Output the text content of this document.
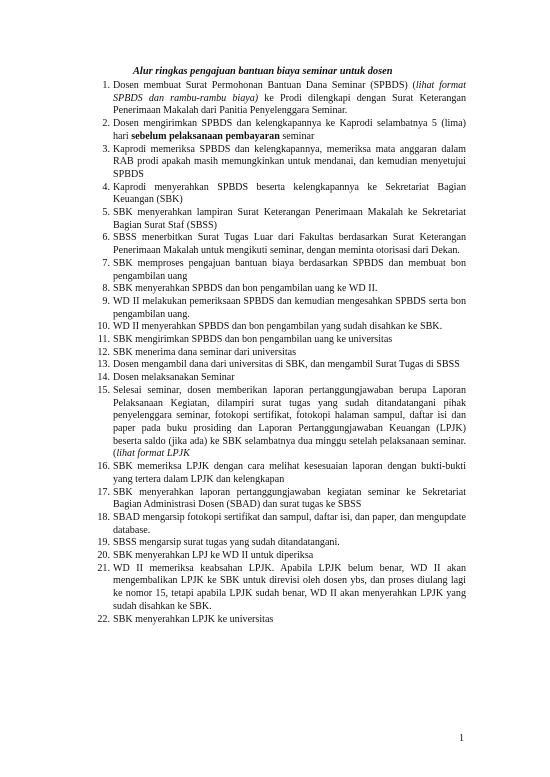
Alur ringkas pengajuan bantuan biaya seminar untuk dosen
1. Dosen membuat Surat Permohonan Bantuan Dana Seminar (SPBDS) (lihat format SPBDS dan rambu-rambu biaya) ke Prodi dilengkapi dengan Surat Keterangan Penerimaan Makalah dari Panitia Penyelenggara Seminar.
2. Dosen mengirimkan SPBDS dan kelengkapannya ke Kaprodi selambatnya 5 (lima) hari sebelum pelaksanaan pembayaran seminar
3. Kaprodi memeriksa SPBDS dan kelengkapannya, memeriksa mata anggaran dalam RAB prodi apakah masih memungkinkan untuk mendanai, dan kemudian menyetujui SPBDS
4. Kaprodi menyerahkan SPBDS beserta kelengkapannya ke Sekretariat Bagian Keuangan (SBK)
5. SBK menyerahkan lampiran Surat Keterangan Penerimaan Makalah ke Sekretariat Bagian Surat Staf (SBSS)
6. SBSS menerbitkan Surat Tugas Luar dari Fakultas berdasarkan Surat Keterangan Penerimaan Makalah untuk mengikuti seminar, dengan meminta otorisasi dari Dekan.
7. SBK memproses pengajuan bantuan biaya berdasarkan SPBDS dan membuat bon pengambilan uang
8. SBK menyerahkan SPBDS dan bon pengambilan uang ke WD II.
9. WD II melakukan pemeriksaan SPBDS dan kemudian mengesahkan SPBDS serta bon pengambilan uang.
10. WD II menyerahkan SPBDS dan bon pengambilan yang sudah disahkan ke SBK.
11. SBK mengirimkan SPBDS dan bon pengambilan uang ke universitas
12. SBK menerima dana seminar dari universitas
13. Dosen mengambil dana dari universitas di SBK, dan mengambil Surat Tugas di SBSS
14. Dosen melaksanakan Seminar
15. Selesai seminar, dosen memberikan laporan pertanggungjawaban berupa Laporan Pelaksanaan Kegiatan, dilampiri surat tugas yang sudah ditandatangani pihak penyelenggara seminar, fotokopi sertifikat, fotokopi halaman sampul, daftar isi dan paper pada buku prosiding dan Laporan Pertanggungjawaban Keuangan (LPJK) beserta saldo (jika ada) ke SBK selambatnya dua minggu setelah pelaksanaan seminar. (lihat format LPJK
16. SBK memeriksa LPJK dengan cara melihat kesesuaian laporan dengan bukti-bukti yang tertera dalam LPJK dan kelengkapan
17. SBK menyerahkan laporan pertanggungjawaban kegiatan seminar ke Sekretariat Bagian Administrasi Dosen (SBAD) dan surat tugas ke SBSS
18. SBAD mengarsip fotokopi sertifikat dan sampul, daftar isi, dan paper, dan mengupdate database.
19. SBSS mengarsip surat tugas yang sudah ditandatangani.
20. SBK menyerahkan LPJ ke WD II untuk diperiksa
21. WD II memeriksa keabsahan LPJK. Apabila LPJK belum benar, WD II akan mengembalikan LPJK ke SBK untuk direvisi oleh dosen ybs, dan proses diulang lagi ke nomor 15, tetapi apabila LPJK sudah benar, WD II akan menyerahkan LPJK yang sudah disahkan ke SBK.
22. SBK menyerahkan LPJK ke universitas
1
